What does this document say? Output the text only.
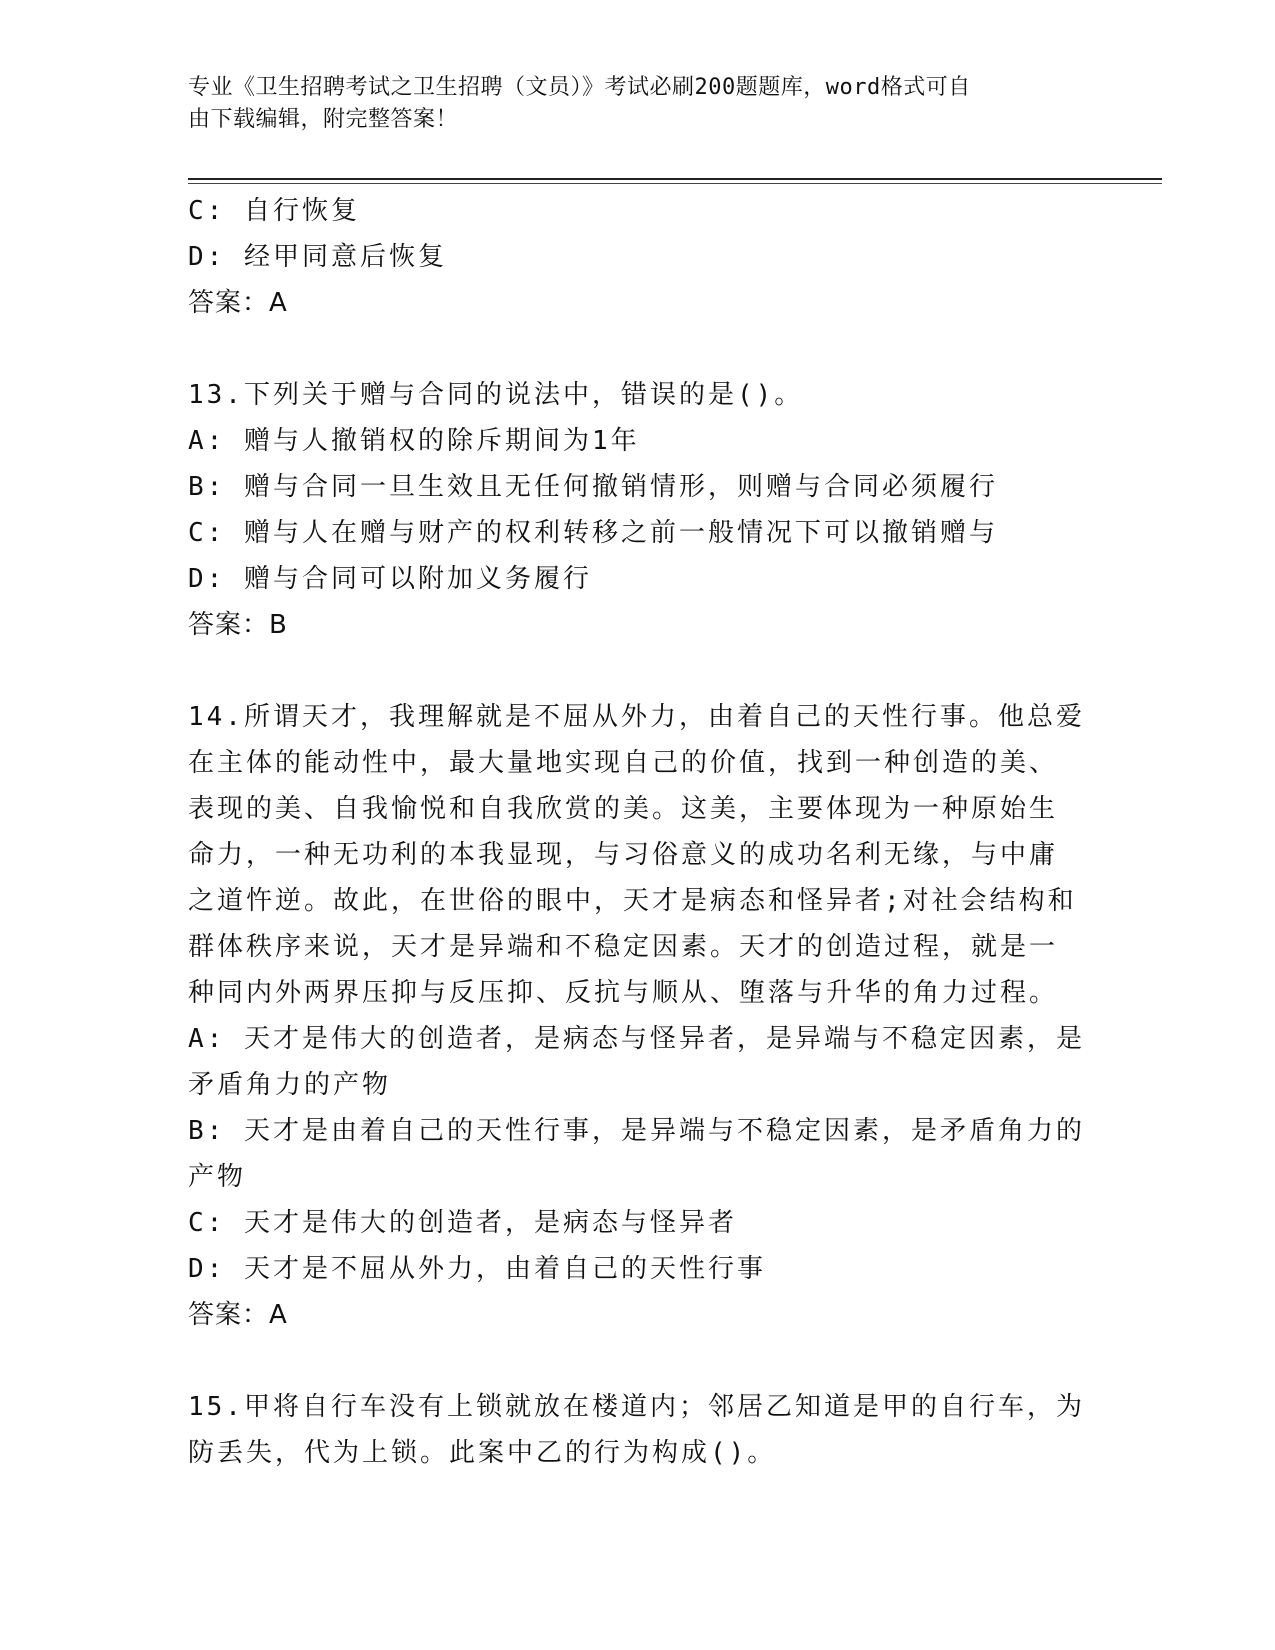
专业《卫生招聘考试之卫生招聘（文员）》考试必刷200题题库，word格式可自
由下载编辑，附完整答案！
C: 自行恢复
D: 经甲同意后恢复
答案：A
13.下列关于赠与合同的说法中，错误的是()。
A: 赠与人撤销权的除斥期间为1年
B: 赠与合同一旦生效且无任何撤销情形，则赠与合同必须履行
C: 赠与人在赠与财产的权利转移之前一般情况下可以撤销赠与
D: 赠与合同可以附加义务履行
答案：B
14.所谓天才，我理解就是不屈从外力，由着自己的天性行事。他总爱
在主体的能动性中，最大量地实现自己的价值，找到一种创造的美、
表现的美、自我愉悦和自我欣赏的美。这美，主要体现为一种原始生
命力，一种无功利的本我显现，与习俗意义的成功名利无缘，与中庸
之道忤逆。故此，在世俗的眼中，天才是病态和怪异者;对社会结构和
群体秩序来说，天才是异端和不稳定因素。天才的创造过程，就是一
种同内外两界压抑与反压抑、反抗与顺从、堕落与升华的角力过程。
A: 天才是伟大的创造者，是病态与怪异者，是异端与不稳定因素，是
矛盾角力的产物
B: 天才是由着自己的天性行事，是异端与不稳定因素，是矛盾角力的
产物
C: 天才是伟大的创造者，是病态与怪异者
D: 天才是不屈从外力，由着自己的天性行事
答案：A
15.甲将自行车没有上锁就放在楼道内；邻居乙知道是甲的自行车，为
防丢失，代为上锁。此案中乙的行为构成()。
